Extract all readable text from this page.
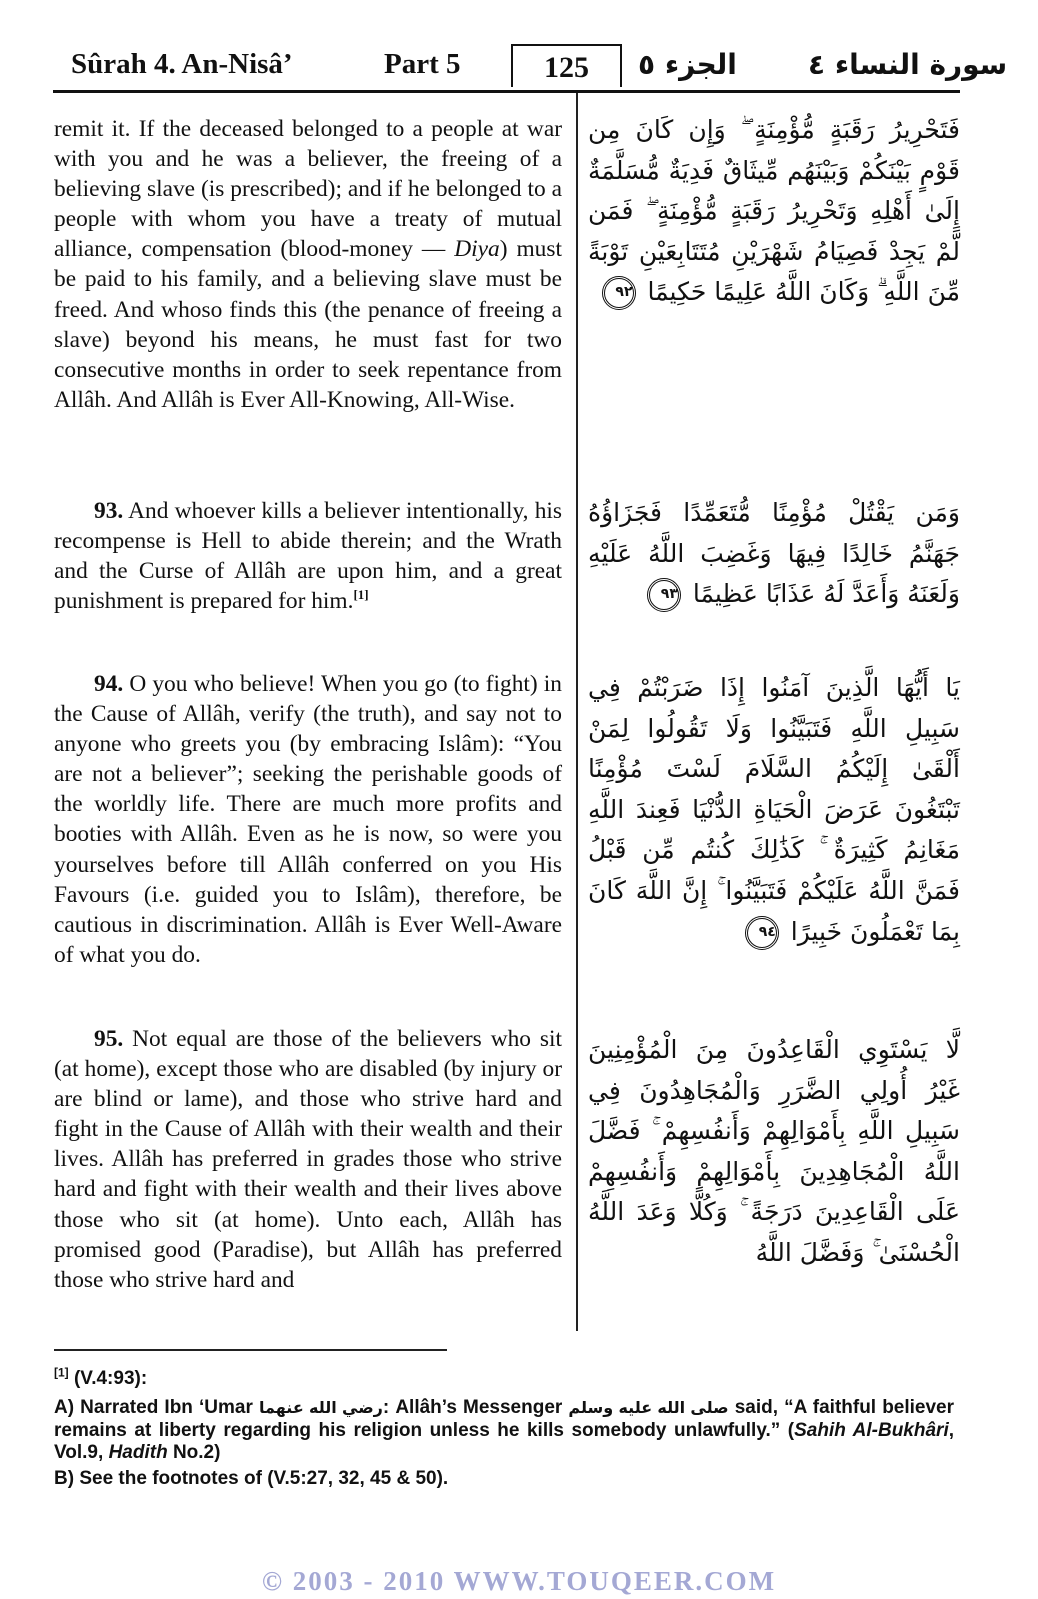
Sûrah 4. An-Nisâ’	Part 5	125	الجزء ٥	سورة النساء ٤

remit it. If the deceased belonged to a people at war with you and he was a believer, the freeing of a believing slave (is prescribed); and if he belonged to a people with whom you have a treaty of mutual alliance, compensation (blood-money — Diya) must be paid to his family, and a believing slave must be freed. And whoso finds this (the penance of freeing a slave) beyond his means, he must fast for two consecutive months in order to seek repentance from Allâh. And Allâh is Ever All-Knowing, All-Wise.

93. And whoever kills a believer intentionally, his recompense is Hell to abide therein; and the Wrath and the Curse of Allâh are upon him, and a great punishment is prepared for him.[1]

94. O you who believe! When you go (to fight) in the Cause of Allâh, verify (the truth), and say not to anyone who greets you (by embracing Islâm): “You are not a believer”; seeking the perishable goods of the worldly life. There are much more profits and booties with Allâh. Even as he is now, so were you yourselves before till Allâh conferred on you His Favours (i.e. guided you to Islâm), therefore, be cautious in discrimination. Allâh is Ever Well-Aware of what you do.

95. Not equal are those of the believers who sit (at home), except those who are disabled (by injury or are blind or lame), and those who strive hard and fight in the Cause of Allâh with their wealth and their lives. Allâh has preferred in grades those who strive hard and fight with their wealth and their lives above those who sit (at home). Unto each, Allâh has promised good (Paradise), but Allâh has preferred those who strive hard and

فَتَحْرِيرُ رَقَبَةٍ مُّؤْمِنَةٍ ۖ وَإِن كَانَ مِن قَوْمٍ بَيْنَكُمْ وَبَيْنَهُم مِّيثَاقٌ فَدِيَةٌ مُّسَلَّمَةٌ إِلَىٰ أَهْلِهِ وَتَحْرِيرُ رَقَبَةٍ مُّؤْمِنَةٍ ۖ فَمَن لَّمْ يَجِدْ فَصِيَامُ شَهْرَيْنِ مُتَتَابِعَيْنِ تَوْبَةً مِّنَ اللَّهِ ۗ وَكَانَ اللَّهُ عَلِيمًا حَكِيمًا ٩٢

وَمَن يَقْتُلْ مُؤْمِنًا مُّتَعَمِّدًا فَجَزَاؤُهُ جَهَنَّمُ خَالِدًا فِيهَا وَغَضِبَ اللَّهُ عَلَيْهِ وَلَعَنَهُ وَأَعَدَّ لَهُ عَذَابًا عَظِيمًا ٩٣

يَا أَيُّهَا الَّذِينَ آمَنُوا إِذَا ضَرَبْتُمْ فِي سَبِيلِ اللَّهِ فَتَبَيَّنُوا وَلَا تَقُولُوا لِمَنْ أَلْقَىٰ إِلَيْكُمُ السَّلَامَ لَسْتَ مُؤْمِنًا تَبْتَغُونَ عَرَضَ الْحَيَاةِ الدُّنْيَا فَعِندَ اللَّهِ مَغَانِمُ كَثِيرَةٌ ۚ كَذَٰلِكَ كُنتُم مِّن قَبْلُ فَمَنَّ اللَّهُ عَلَيْكُمْ فَتَبَيَّنُوا ۚ إِنَّ اللَّهَ كَانَ بِمَا تَعْمَلُونَ خَبِيرًا ٩٤

لَّا يَسْتَوِي الْقَاعِدُونَ مِنَ الْمُؤْمِنِينَ غَيْرُ أُولِي الضَّرَرِ وَالْمُجَاهِدُونَ فِي سَبِيلِ اللَّهِ بِأَمْوَالِهِمْ وَأَنفُسِهِمْ ۚ فَضَّلَ اللَّهُ الْمُجَاهِدِينَ بِأَمْوَالِهِمْ وَأَنفُسِهِمْ عَلَى الْقَاعِدِينَ دَرَجَةً ۚ وَكُلًّا وَعَدَ اللَّهُ الْحُسْنَىٰ ۚ وَفَضَّلَ اللَّهُ

[1] (V.4:93):

A) Narrated Ibn ‘Umar رضي الله عنهما: Allâh’s Messenger صلى الله عليه وسلم said, “A faithful believer remains at liberty regarding his religion unless he kills somebody unlawfully.” (Sahih Al-Bukhâri, Vol.9, Hadith No.2)

B) See the footnotes of (V.5:27, 32, 45 & 50).

© 2003 - 2010 WWW.TOUQEER.COM
